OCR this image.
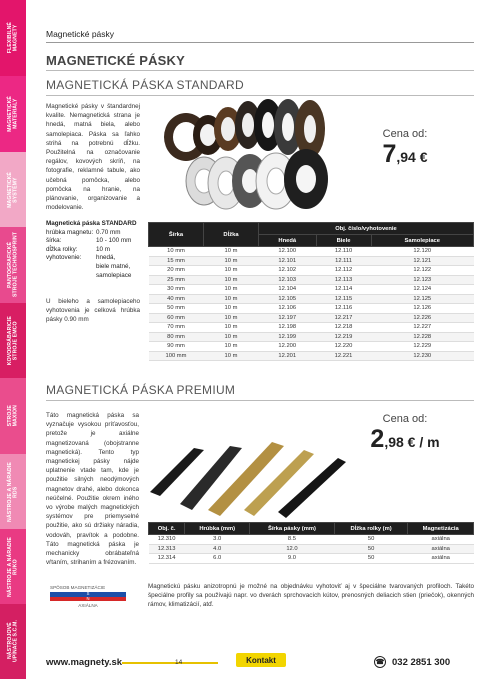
FLEXIBILNÉ
MAGNETY
MAGNETICKÉ
MATERIÁLY
MAGNETICKÉ
SYSTÉMY
PANTOGRAFICKÉ
STROJE TECHNOSPRINT
KOVODRÁBARICIE
STROJE EMCO
STROJE
MAXION
NÁSTROJE A NÁRADIE
RDS
NÁSTROJE A NÁRADIE
RUKO
NÁSTROJOVÉ
UPÍNAČE S.C.M.
Magnetické pásky
MAGNETICKÉ PÁSKY
MAGNETICKÁ PÁSKA STANDARD
Magnetické pásky v štandardnej kvalite. Nemagnetická strana je hnedá, matná biela, alebo samolepiaca. Páska sa ľahko strihá na potrebnú dĺžku. Použitelná na označovanie regálov, kovových skríň, na fotografie, reklamné tabule, ako učebná pomôcka, alebo pomôcka na hranie, na plánovanie, organizovanie a modelovanie.
Cena od:
7,94 €
Magnetická páska STANDARD
hrúbka magnetu: 0.70 mm
šírka:	10 - 100 mm
dĺžka rolky:	10 m
vyhotovenie:	hnedá,
biele matné,
samolepiace
U bieleho a samolepiaceho vyhotovenia je celková hrúbka pásky 0.90 mm
Šírka	Dĺžka	Obj. číslo/vyhotovenie		
		Hnedá	Biele	Samolepiace
10 mm	10 m	12.100	12.110	12.120
15 mm	10 m	12.101	12.111	12.121
20 mm	10 m	12.102	12.112	12.122
25 mm	10 m	12.103	12.113	12.123
30 mm	10 m	12.104	12.114	12.124
40 mm	10 m	12.105	12.115	12.125
50 mm	10 m	12.106	12.116	12.126
60 mm	10 m	12.197	12.217	12.226
70 mm	10 m	12.198	12.218	12.227
80 mm	10 m	12.199	12.219	12.228
90 mm	10 m	12.200	12.220	12.229
100 mm	10 m	12.201	12.221	12.230
MAGNETICKÁ PÁSKA PREMIUM
Táto magnetická páska sa vyznačuje vysokou príťavosťou, pretože je axiálne magnetizovaná (obojstranne magnetická). Tento typ magnetickej pásky nájde uplatnenie vtade tam, kde je použitie silných neodýmových magnetov drahé, alebo dokonca neúčelné. Použitie okrem iného vo výrobe malých magnetických systémov pre priemyselné použitie, ako sú držiaky náradia, vodováh, pravítok a podobne. Táto magnetická páska je mechanicky obrábateľná vŕtaním, strihaním a frézovaním.
Cena od:
2,98 € / m
Obj. č.	Hrúbka (mm)	Šírka pásky (mm)	Dĺžka rolky (m)	Magnetizácia
12.310	3.0	8.5	50	axiálna
12.313	4.0	12.0	50	axiálna
12.314	6.0	9.0	50	axiálna
SPÔSOB MAGNETIZÁCIE
S
N
AXIÁLNA
Magnetickú pásku anizotropnú je možné na objednávku vyhotoviť aj v špeciálne tvarovaných profiloch. Takéto špeciálne profily sa používajú napr. vo dverách sprchovacích kútov, prenosných deliacich stien (priečok), okenných rámov, klimatizácií, atď.
www.magnety.sk	14	Kontakt	☎ 032 2851 300
